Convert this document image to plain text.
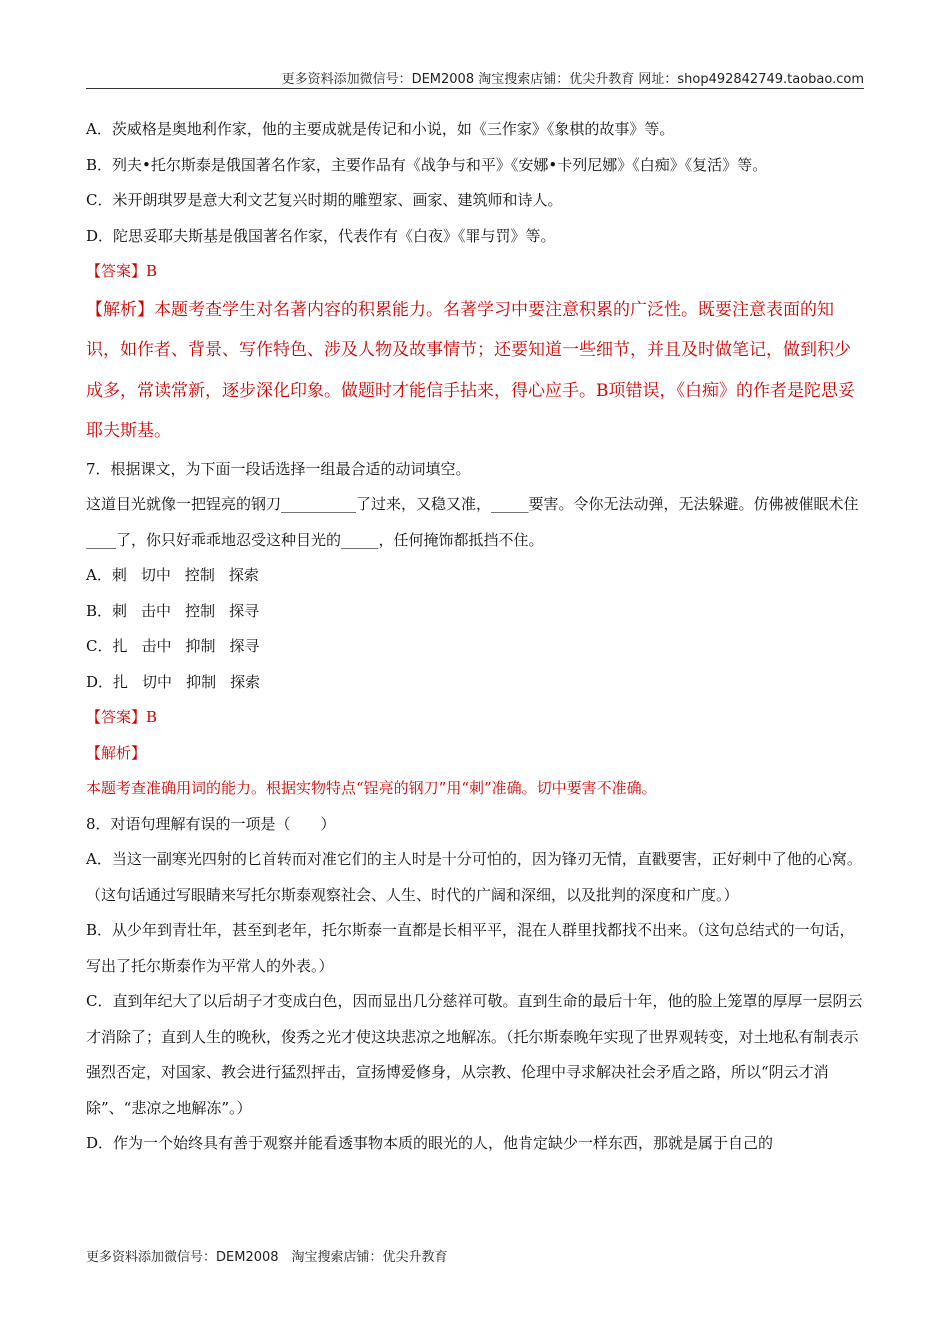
更多资料添加微信号：DEM2008 淘宝搜索店铺：优尖升教育 网址：shop492842749.taobao.com
A．茨威格是奥地利作家，他的主要成就是传记和小说，如《三作家》《象棋的故事》等。
B．列夫•托尔斯泰是俄国著名作家，主要作品有《战争与和平》《安娜•卡列尼娜》《白痴》《复活》等。
C．米开朗琪罗是意大利文艺复兴时期的雕塑家、画家、建筑师和诗人。
D．陀思妥耶夫斯基是俄国著名作家，代表作有《白夜》《罪与罚》等。
【答案】B
【解析】本题考查学生对名著内容的积累能力。名著学习中要注意积累的广泛性。既要注意表面的知识，如作者、背景、写作特色、涉及人物及故事情节；还要知道一些细节，并且及时做笔记，做到积少成多，常读常新，逐步深化印象。做题时才能信手拈来，得心应手。B项错误，《白痴》的作者是陀思妥耶夫斯基。
7．根据课文，为下面一段话选择一组最合适的动词填空。
这道目光就像一把锃亮的钢刀__________了过来，又稳又准，_____要害。令你无法动弹，无法躲避。仿佛被催眠术住____了，你只好乖乖地忍受这种目光的_____，任何掩饰都抵挡不住。
A．刺 切中 控制 探索
B．刺 击中 控制 探寻
C．扎 击中 抑制 探寻
D．扎 切中 抑制 探索
【答案】B
【解析】
本题考查准确用词的能力。根据实物特点“锃亮的钢刀”用“刺”准确。切中要害不准确。
8．对语句理解有误的一项是（　　）
A．当这一副寒光四射的匕首转而对准它们的主人时是十分可怕的，因为锋刃无情，直戳要害，正好刺中了他的心窝。（这句话通过写眼睛来写托尔斯泰观察社会、人生、时代的广阔和深细，以及批判的深度和广度。）
B．从少年到青壮年，甚至到老年，托尔斯泰一直都是长相平平，混在人群里找都找不出来。（这句总结式的一句话，写出了托尔斯泰作为平常人的外表。）
C．直到年纪大了以后胡子才变成白色，因而显出几分慈祥可敬。直到生命的最后十年，他的脸上笼罩的厚厚一层阴云才消除了；直到人生的晚秋，俊秀之光才使这块悲凉之地解冻。（托尔斯泰晚年实现了世界观转变，对土地私有制表示强烈否定，对国家、教会进行猛烈抨击，宣扬博爱修身，从宗教、伦理中寻求解决社会矛盾之路，所以“阴云才消除”、“悲凉之地解冻”。）
D．作为一个始终具有善于观察并能看透事物本质的眼光的人，他肯定缺少一样东西，那就是属于自己的
更多资料添加微信号：DEM2008　淘宝搜索店铺：优尖升教育
